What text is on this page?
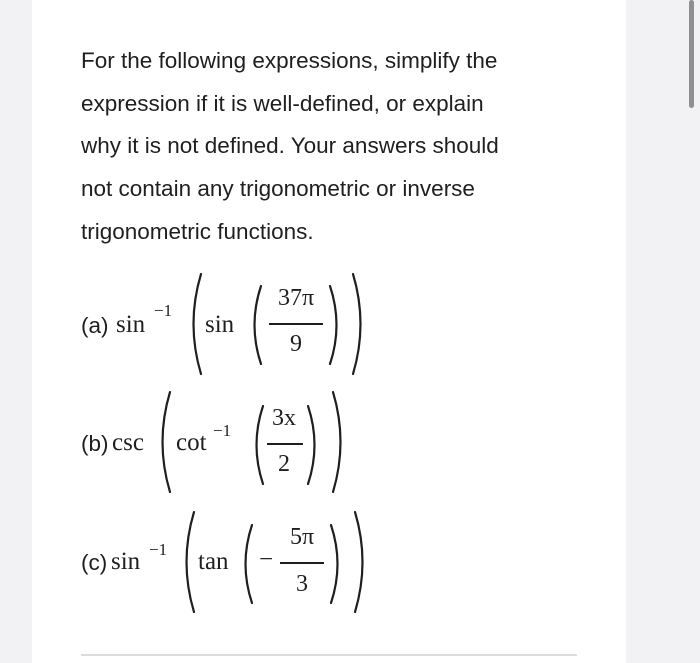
For the following expressions, simplify the
expression if it is well-defined, or explain
why it is not defined. Your answers should
not contain any trigonometric or inverse
trigonometric functions.

(a) sin
−1
sin
37π
9
(b) csc cot −1	3x
2
(c) sin −1 tan −
5π
3
